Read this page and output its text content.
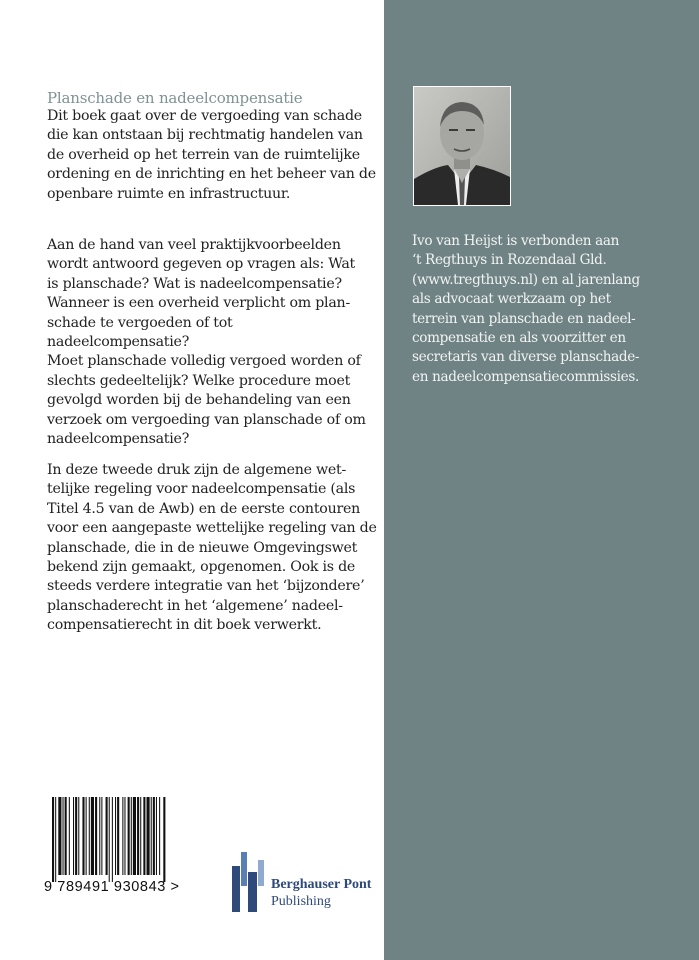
Planschade en nadeelcompensatie

Dit boek gaat over de vergoeding van schade
die kan ontstaan bij rechtmatig handelen van
de overheid op het terrein van de ruimtelijke
ordening en de inrichting en het beheer van de
openbare ruimte en infrastructuur.

Aan de hand van veel praktijkvoorbeelden
wordt antwoord gegeven op vragen als: Wat
is planschade? Wat is nadeelcompensatie?
Wanneer is een overheid verplicht om plan-
schade te vergoeden of tot nadeelcompensatie?
Moet planschade volledig vergoed worden of
slechts gedeeltelijk? Welke procedure moet
gevolgd worden bij de behandeling van een
verzoek om vergoeding van planschade of om
nadeelcompensatie?

In deze tweede druk zijn de algemene wet-
telijke regeling voor nadeelcompensatie (als
Titel 4.5 van de Awb) en de eerste contouren
voor een aangepaste wettelijke regeling van de
planschade, die in de nieuwe Omgevingswet
bekend zijn gemaakt, opgenomen. Ook is de
steeds verdere integratie van het ‘bijzondere’
planschaderecht in het ‘algemene’ nadeel-
compensatierecht in dit boek verwerkt.

Ivo van Heijst is verbonden aan
‘t Regthuys in Rozendaal Gld.
(www.tregthuys.nl) en al jarenlang
als advocaat werkzaam op het
terrein van planschade en nadeel-
compensatie en als voorzitter en
secretaris van diverse planschade-
en nadeelcompensatiecommissies.

9 789491 930843 >	Berghauser Pont
Publishing
